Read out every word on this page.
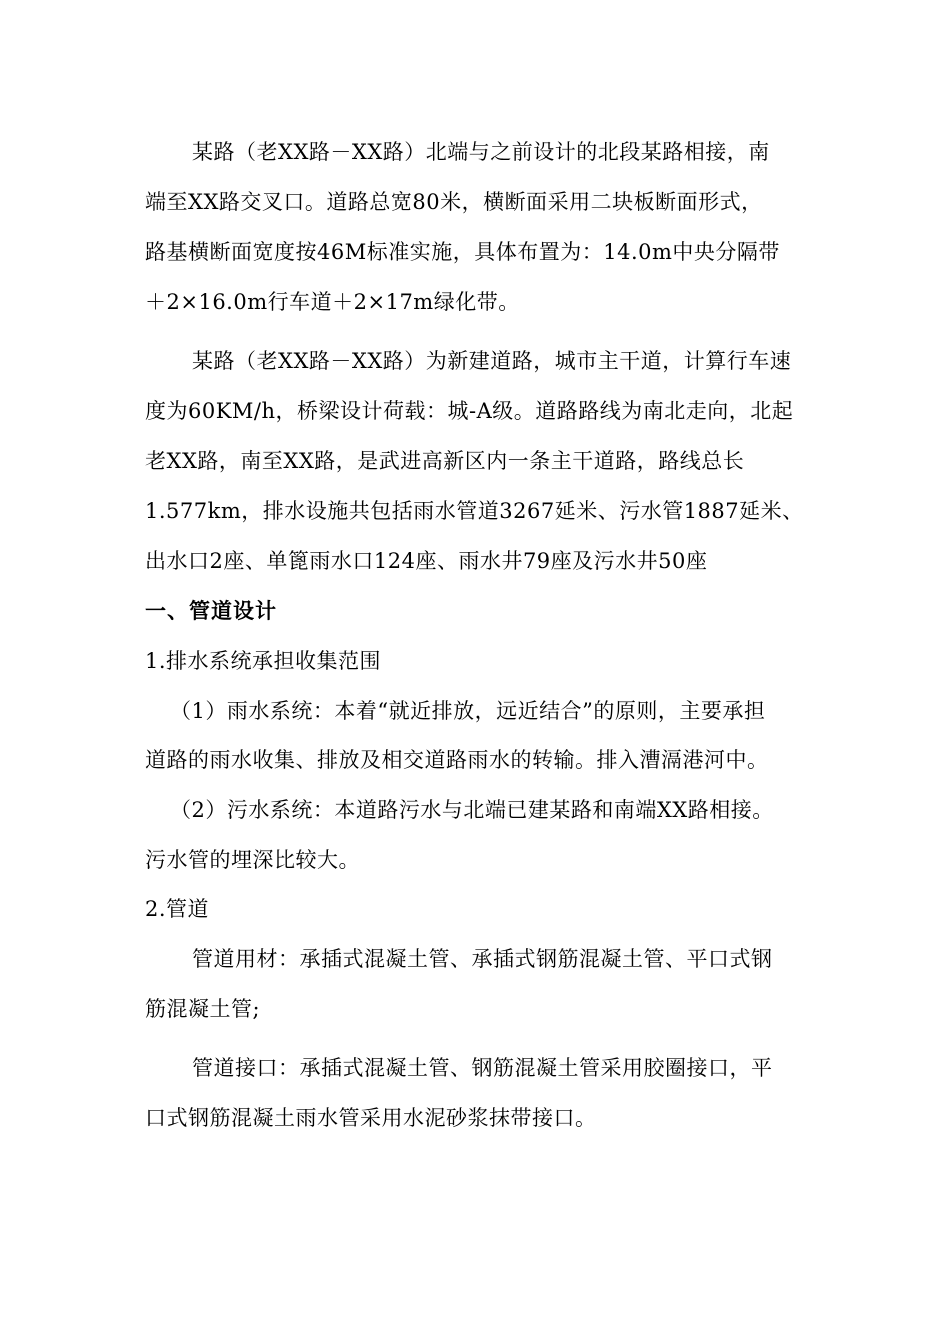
某路（老XX路－XX路）北端与之前设计的北段某路相接，南
端至XX路交叉口。道路总宽80米，横断面采用二块板断面形式，
路基横断面宽度按46M标准实施，具体布置为：14.0m中央分隔带
＋2×16.0m行车道＋2×17m绿化带。
某路（老XX路－XX路）为新建道路，城市主干道，计算行车速
度为60KM/h，桥梁设计荷载：城-A级。道路路线为南北走向，北起
老XX路，南至XX路，是武进高新区内一条主干道路，路线总长
1.577km，排水设施共包括雨水管道3267延米、污水管1887延米、
出水口2座、单篦雨水口124座、雨水井79座及污水井50座
一、管道设计
1.排水系统承担收集范围
（1）雨水系统：本着“就近排放，远近结合”的原则，主要承担
道路的雨水收集、排放及相交道路雨水的转输。排入漕滆港河中。
（2）污水系统：本道路污水与北端已建某路和南端XX路相接。
污水管的埋深比较大。
2.管道
管道用材：承插式混凝土管、承插式钢筋混凝土管、平口式钢
筋混凝土管;
管道接口：承插式混凝土管、钢筋混凝土管采用胶圈接口，平
口式钢筋混凝土雨水管采用水泥砂浆抹带接口。
